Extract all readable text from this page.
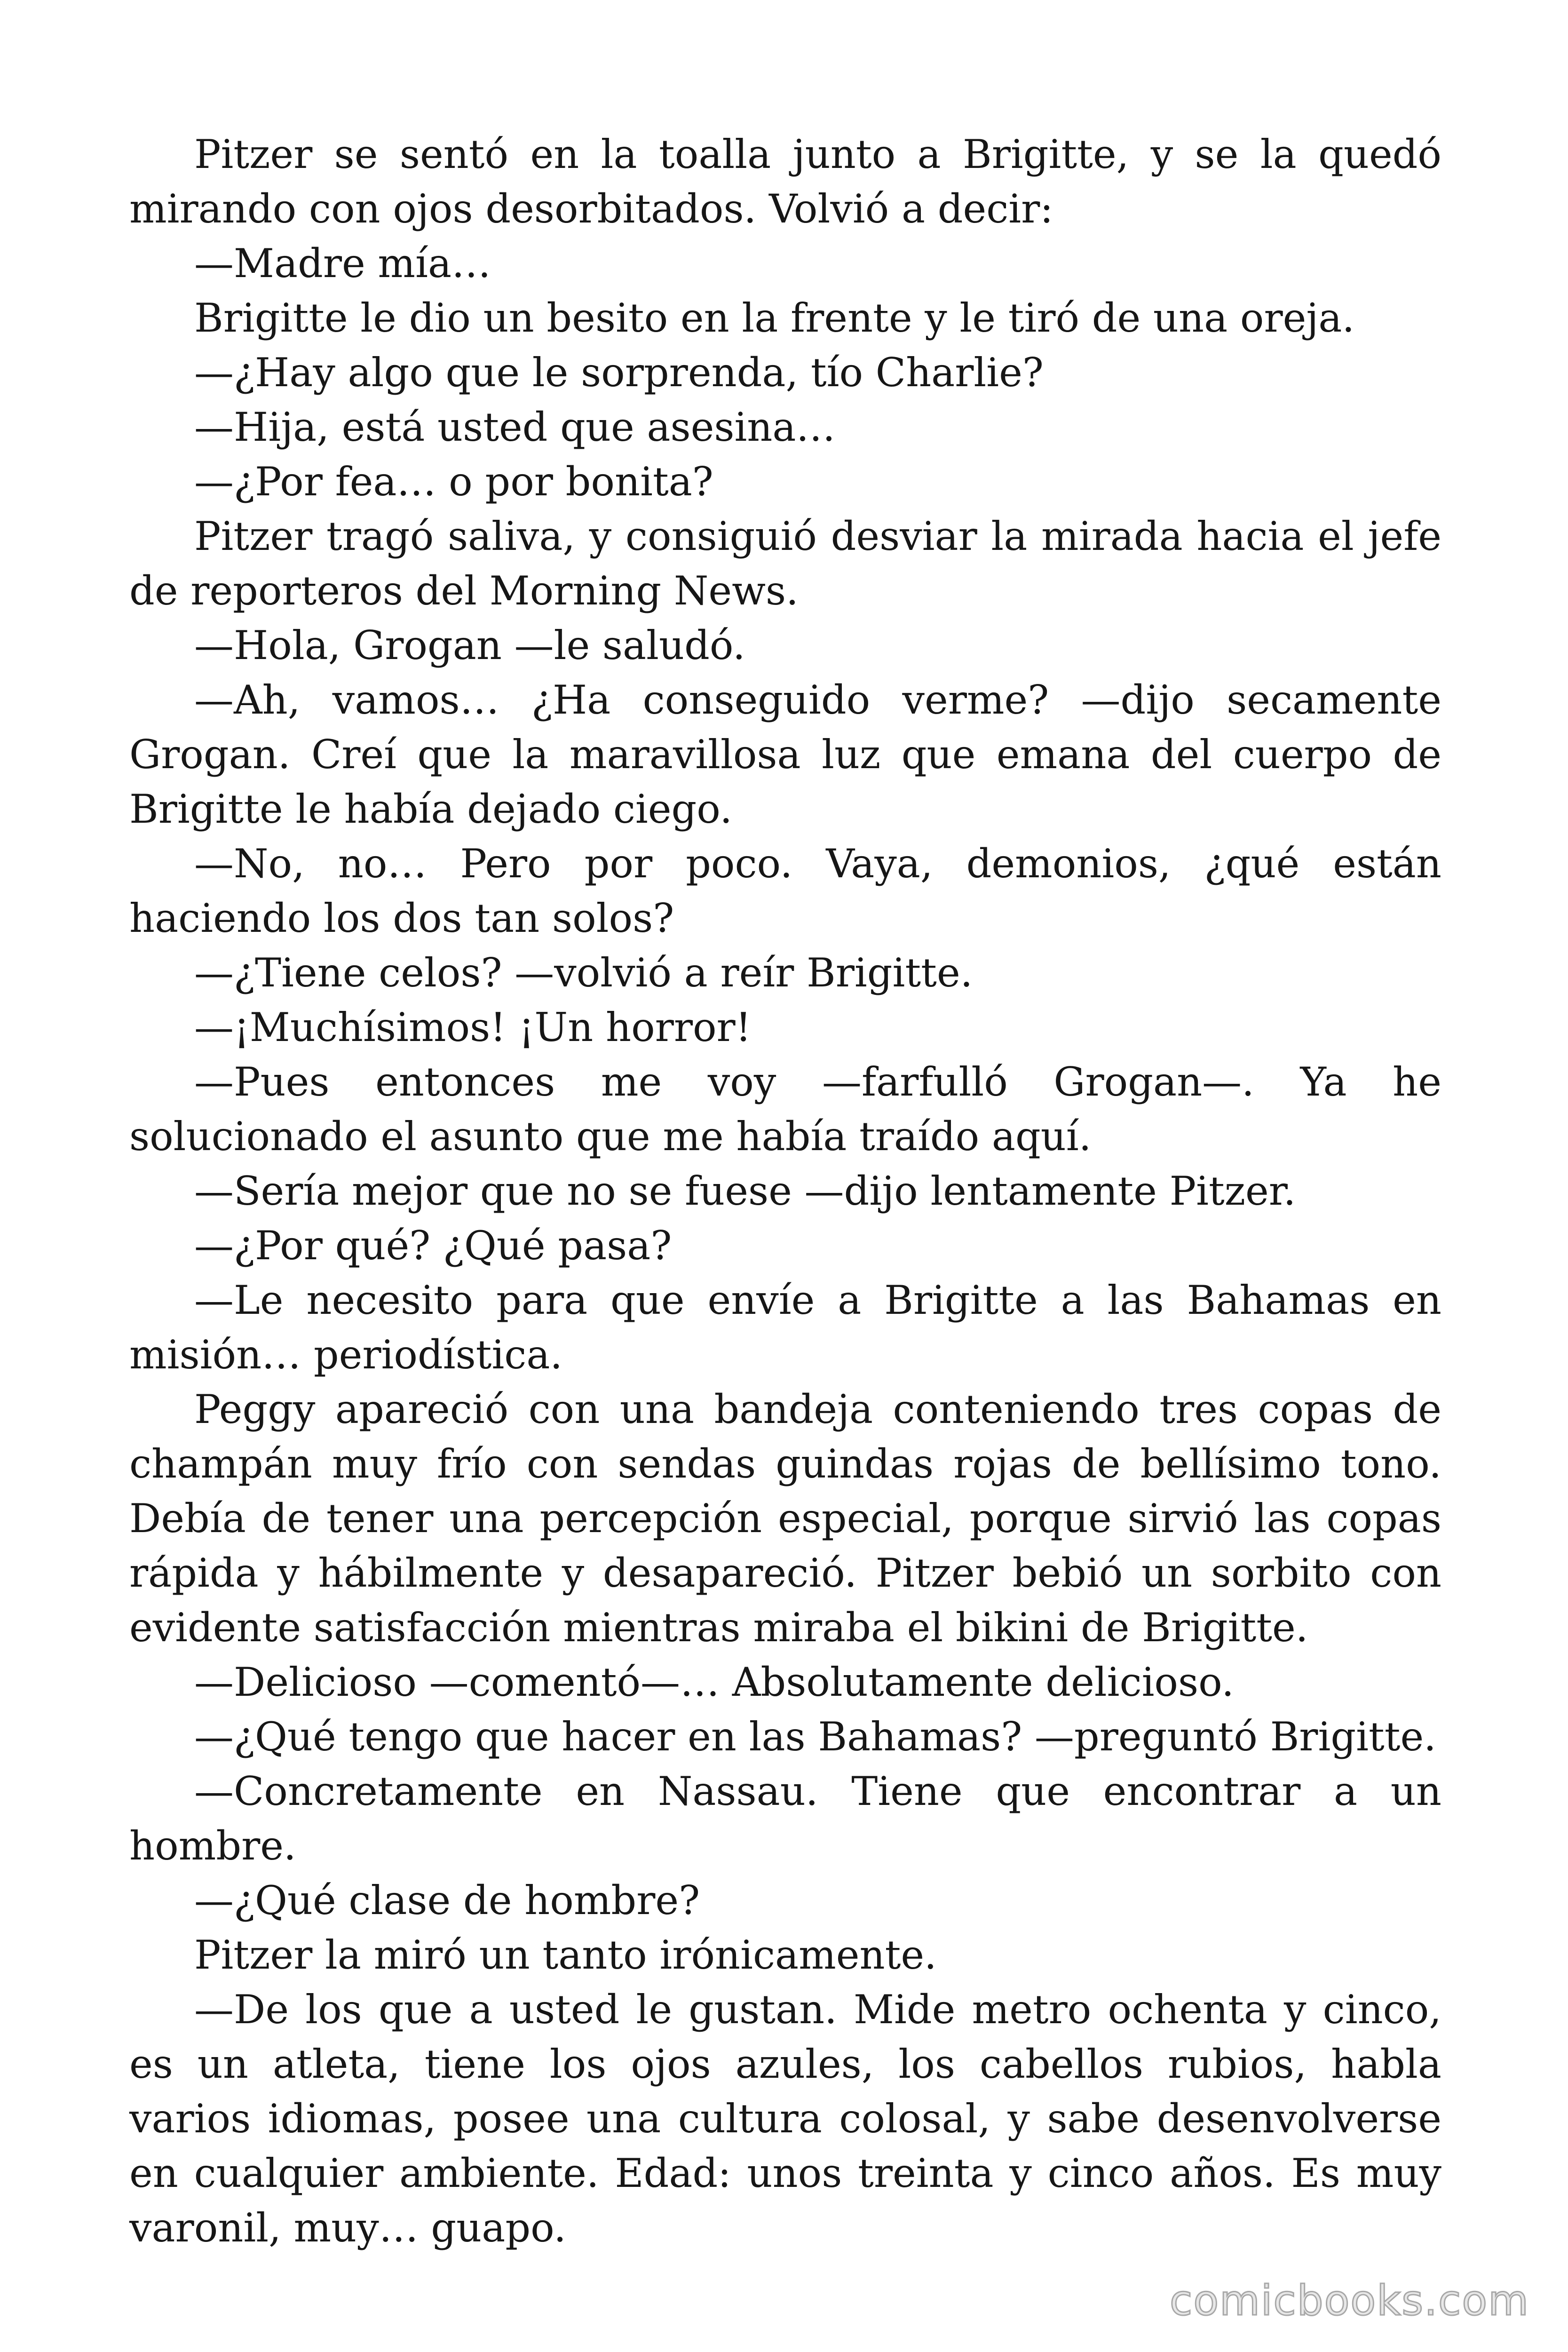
Pitzer se sentó en la toalla junto a Brigitte, y se la quedó mirando con ojos desorbitados. Volvió a decir:

—Madre mía…

Brigitte le dio un besito en la frente y le tiró de una oreja.

—¿Hay algo que le sorprenda, tío Charlie?

—Hija, está usted que asesina…

—¿Por fea… o por bonita?

Pitzer tragó saliva, y consiguió desviar la mirada hacia el jefe de reporteros del Morning News.

—Hola, Grogan —le saludó.

—Ah, vamos… ¿Ha conseguido verme? —dijo secamente Grogan. Creí que la maravillosa luz que emana del cuerpo de Brigitte le había dejado ciego.

—No, no… Pero por poco. Vaya, demonios, ¿qué están haciendo los dos tan solos?

—¿Tiene celos? —volvió a reír Brigitte.

—¡Muchísimos! ¡Un horror!

—Pues entonces me voy —farfulló Grogan—. Ya he solucionado el asunto que me había traído aquí.

—Sería mejor que no se fuese —dijo lentamente Pitzer.

—¿Por qué? ¿Qué pasa?

—Le necesito para que envíe a Brigitte a las Bahamas en misión… periodística.

Peggy apareció con una bandeja conteniendo tres copas de champán muy frío con sendas guindas rojas de bellísimo tono. Debía de tener una percepción especial, porque sirvió las copas rápida y hábilmente y desapareció. Pitzer bebió un sorbito con evidente satisfacción mientras miraba el bikini de Brigitte.

—Delicioso —comentó—… Absolutamente delicioso.

—¿Qué tengo que hacer en las Bahamas? —preguntó Brigitte.

—Concretamente en Nassau. Tiene que encontrar a un hombre.

—¿Qué clase de hombre?

Pitzer la miró un tanto irónicamente.

—De los que a usted le gustan. Mide metro ochenta y cinco, es un atleta, tiene los ojos azules, los cabellos rubios, habla varios idiomas, posee una cultura colosal, y sabe desenvolverse en cualquier ambiente. Edad: unos treinta y cinco años. Es muy varonil, muy… guapo.

comicbooks.com
